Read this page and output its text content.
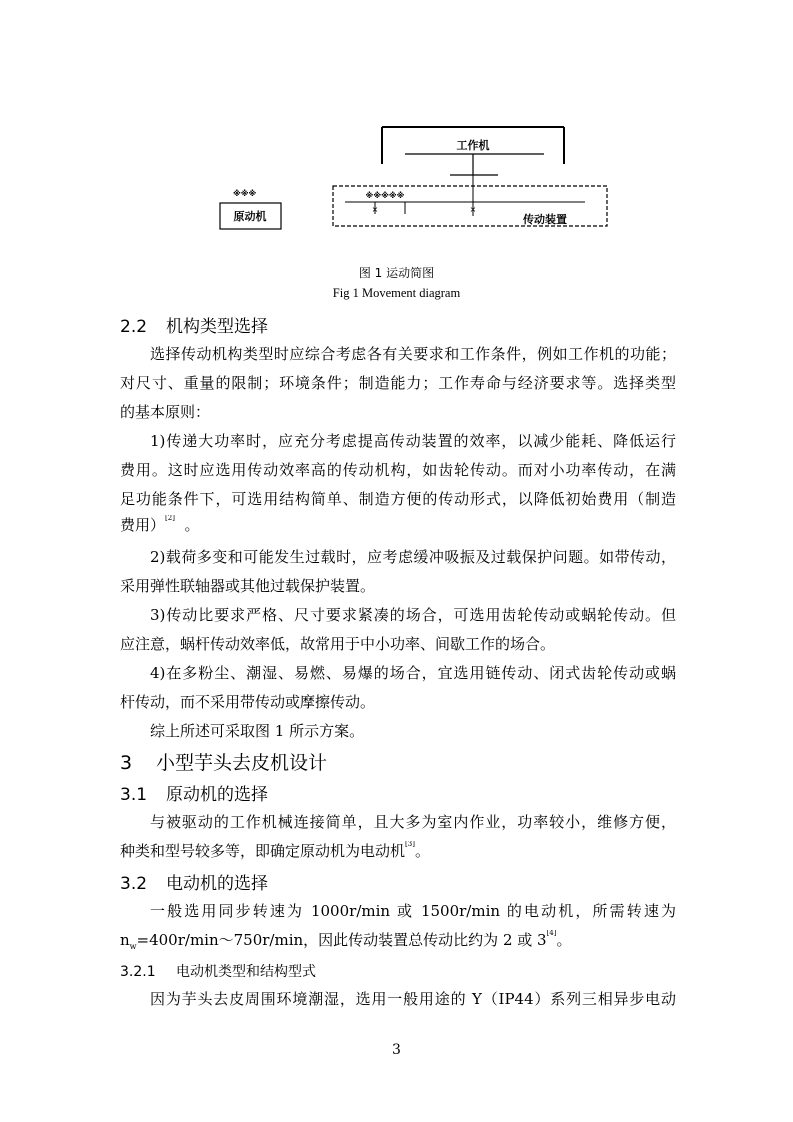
工作机
※※※※※
×	×
传动装置
※※※
原动机
图 1 运动简图
Fig 1 Movement diagram
2.2 机构类型选择
选择传动机构类型时应综合考虑各有关要求和工作条件，例如工作机的功能；
对尺寸、重量的限制；环境条件；制造能力；工作寿命与经济要求等。选择类型
的基本原则：
1)传递大功率时，应充分考虑提高传动装置的效率，以减少能耗、降低运行
费用。这时应选用传动效率高的传动机构，如齿轮传动。而对小功率传动，在满
足功能条件下，可选用结构简单、制造方便的传动形式，以降低初始费用（制造
费用）[2] 。
2)载荷多变和可能发生过载时，应考虑缓冲吸振及过载保护问题。如带传动，
采用弹性联轴器或其他过载保护装置。
3)传动比要求严格、尺寸要求紧凑的场合，可选用齿轮传动或蜗轮传动。但
应注意，蜗杆传动效率低，故常用于中小功率、间歇工作的场合。
4)在多粉尘、潮湿、易燃、易爆的场合，宜选用链传动、闭式齿轮传动或蜗
杆传动，而不采用带传动或摩擦传动。
综上所述可采取图 1 所示方案。
3 小型芋头去皮机设计
3.1 原动机的选择
与被驱动的工作机械连接简单，且大多为室内作业，功率较小，维修方便，
种类和型号较多等，即确定原动机为电动机[3]。
3.2 电动机的选择
一般选用同步转速为 1000r/min 或 1500r/min 的电动机，所需转速为
$n_w=400r/\min\sim 750r/\min$，因此传动装置总传动比约为 2 或 3[4]。
3.2.1 电动机类型和结构型式
因为芋头去皮周围环境潮湿，选用一般用途的 Y（IP44）系列三相异步电动
3
